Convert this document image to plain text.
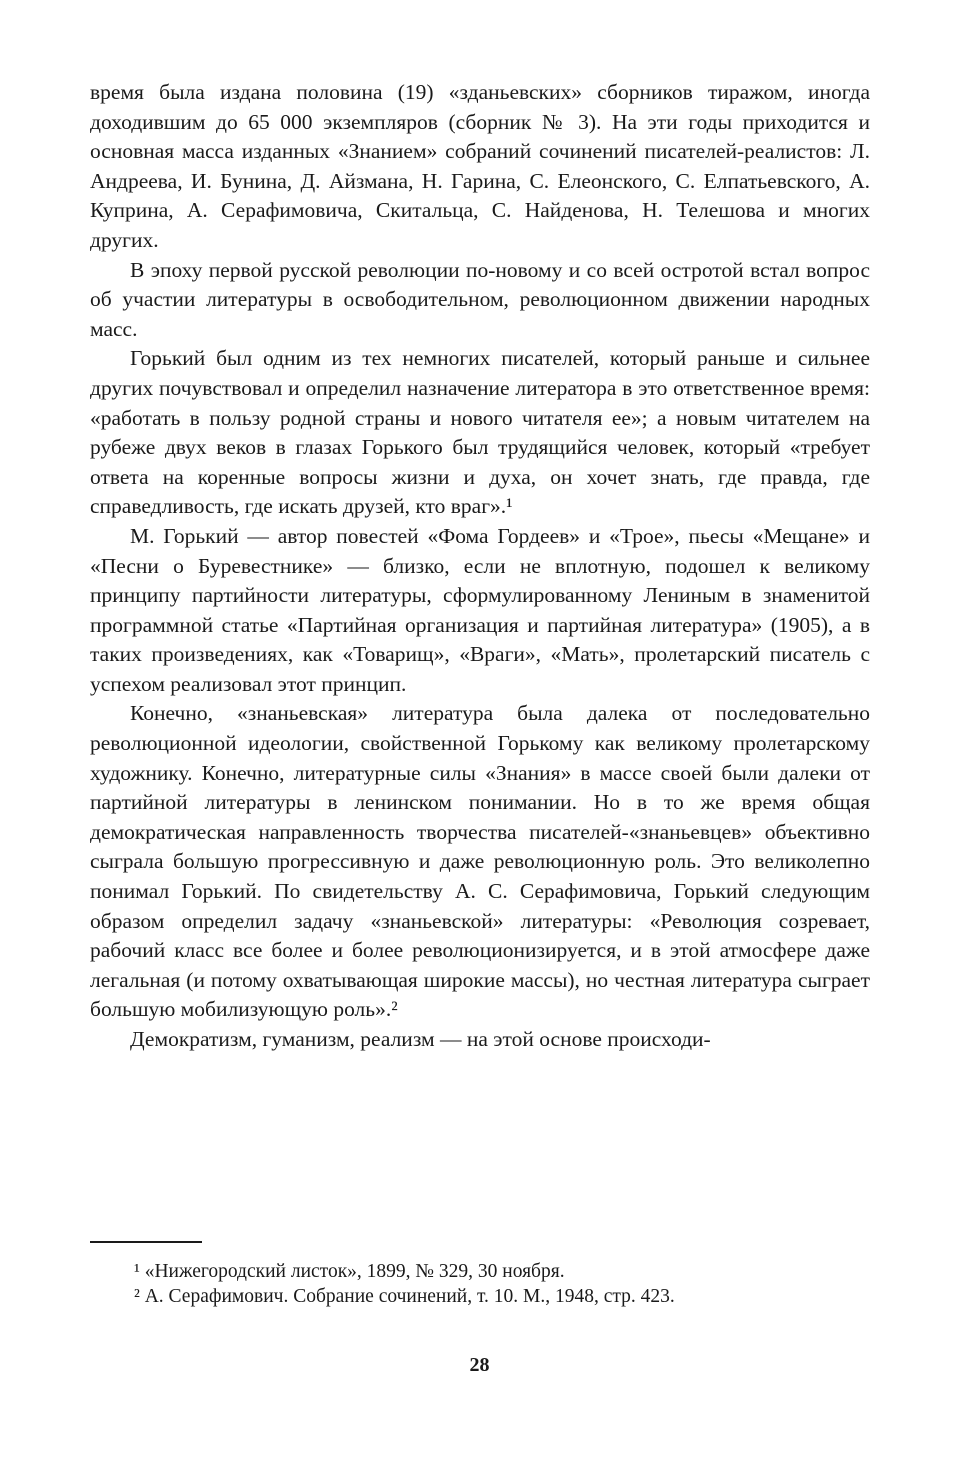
время была издана половина (19) «зданьевских» сборников тиражом, иногда доходившим до 65 000 экземпляров (сборник № 3). На эти годы приходится и основная масса изданных «Знанием» собраний сочинений писателей-реалистов: Л. Андреева, И. Бунина, Д. Айзмана, Н. Гарина, С. Елеонского, С. Елпатьевского, А. Куприна, А. Серафимовича, Скитальца, С. Найденова, Н. Телешова и многих других.

В эпоху первой русской революции по-новому и со всей остротой встал вопрос об участии литературы в освободительном, революционном движении народных масс.

Горький был одним из тех немногих писателей, который раньше и сильнее других почувствовал и определил назначение литератора в это ответственное время: «работать в пользу родной страны и нового читателя ее»; а новым читателем на рубеже двух веков в глазах Горького был трудящийся человек, который «требует ответа на коренные вопросы жизни и духа, он хочет знать, где правда, где справедливость, где искать друзей, кто враг».¹

М. Горький — автор повестей «Фома Гордеев» и «Трое», пьесы «Мещане» и «Песни о Буревестнике» — близко, если не вплотную, подошел к великому принципу партийности литературы, сформулированному Лениным в знаменитой программной статье «Партийная организация и партийная литература» (1905), а в таких произведениях, как «Товарищ», «Враги», «Мать», пролетарский писатель с успехом реализовал этот принцип.

Конечно, «знаньевская» литература была далека от последовательно революционной идеологии, свойственной Горькому как великому пролетарскому художнику. Конечно, литературные силы «Знания» в массе своей были далеки от партийной литературы в ленинском понимании. Но в то же время общая демократическая направленность творчества писателей-«знаньевцев» объективно сыграла большую прогрессивную и даже революционную роль. Это великолепно понимал Горький. По свидетельству А. С. Серафимовича, Горький следующим образом определил задачу «знаньевской» литературы: «Революция созревает, рабочий класс все более и более революционизируется, и в этой атмосфере даже легальная (и потому охватывающая широкие массы), но честная литература сыграет большую мобилизующую роль».²

Демократизм, гуманизм, реализм — на этой основе происходи-

¹ «Нижегородский листок», 1899, № 329, 30 ноября.

² А. Серафимович. Собрание сочинений, т. 10. М., 1948, стр. 423.

28
